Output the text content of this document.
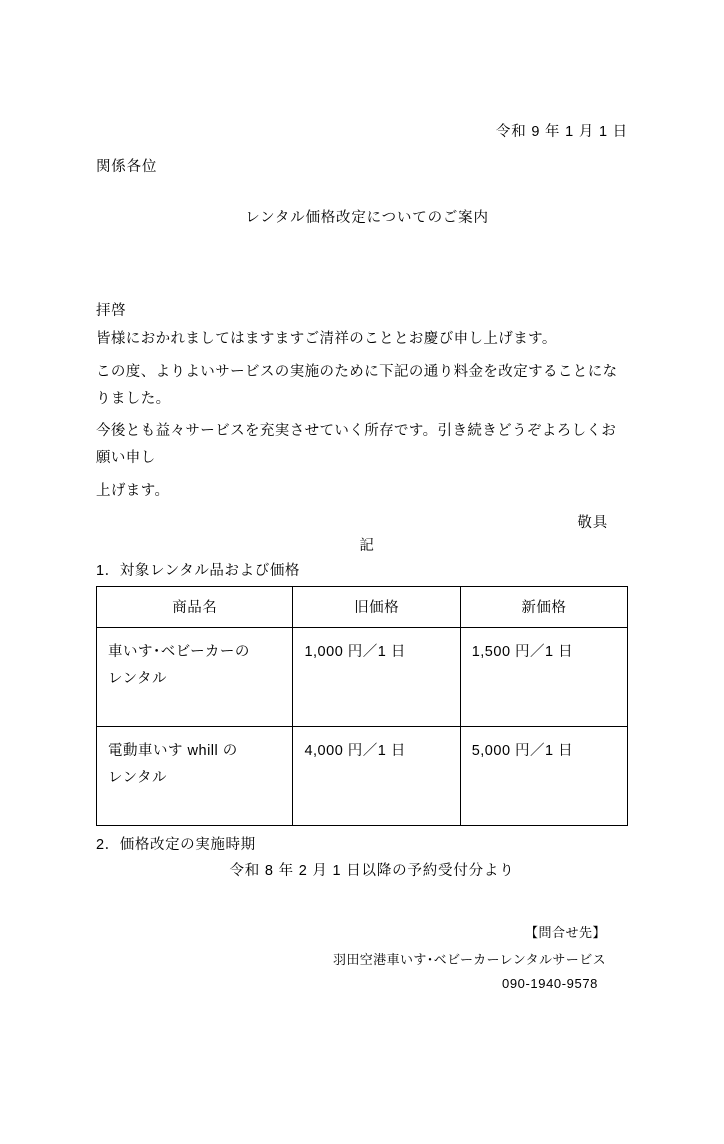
令和 9 年 1 月 1 日
関係各位
レンタル価格改定についてのご案内
拝啓
皆様におかれましてはますますご清祥のこととお慶び申し上げます。
この度、よりよいサービスの実施のために下記の通り料金を改定することになりました。
今後とも益々サービスを充実させていく所存です。引き続きどうぞよろしくお願い申し
上げます。
敬具
記
1．対象レンタル品および価格
商品名	旧価格	新価格

車いす･ベビーカーの
レンタル	1,000 円／1 日	1,500 円／1 日

電動車いす whill の
レンタル	4,000 円／1 日	5,000 円／1 日
2．価格改定の実施時期
令和 8 年 2 月 1 日以降の予約受付分より
【問合せ先】
羽田空港車いす･ベビーカーレンタルサービス
090-1940-9578
